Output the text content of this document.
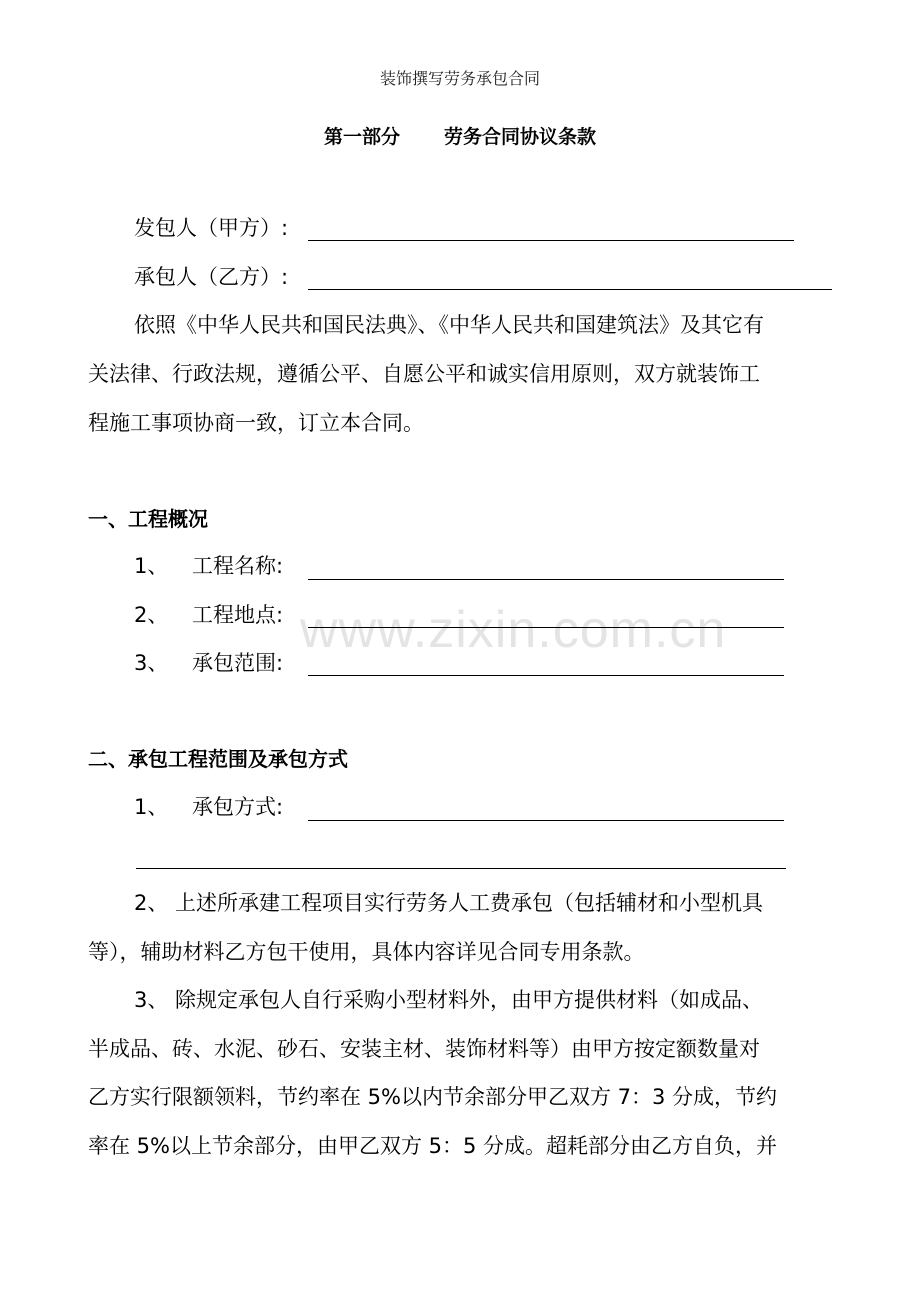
www.zixin.com.cn
装饰撰写劳务承包合同
第一部分 劳务合同协议条款
发包人（甲方）:
承包人（乙方）:
依照《中华人民共和国民法典》、《中华人民共和国建筑法》及其它有
关法律、行政法规，遵循公平、自愿公平和诚实信用原则，双方就装饰工
程施工事项协商一致，订立本合同。
一、工程概况
1、 工程名称:
2、 工程地点:
3、 承包范围:
二、承包工程范围及承包方式
1、 承包方式:
2、 上述所承建工程项目实行劳务人工费承包（包括辅材和小型机具
等），辅助材料乙方包干使用，具体内容详见合同专用条款。
3、 除规定承包人自行采购小型材料外，由甲方提供材料（如成品、
半成品、砖、水泥、砂石、安装主材、装饰材料等）由甲方按定额数量对
乙方实行限额领料，节约率在 5%以内节余部分甲乙双方 7：3 分成，节约
率在 5%以上节余部分，由甲乙双方 5：5 分成。超耗部分由乙方自负，并
